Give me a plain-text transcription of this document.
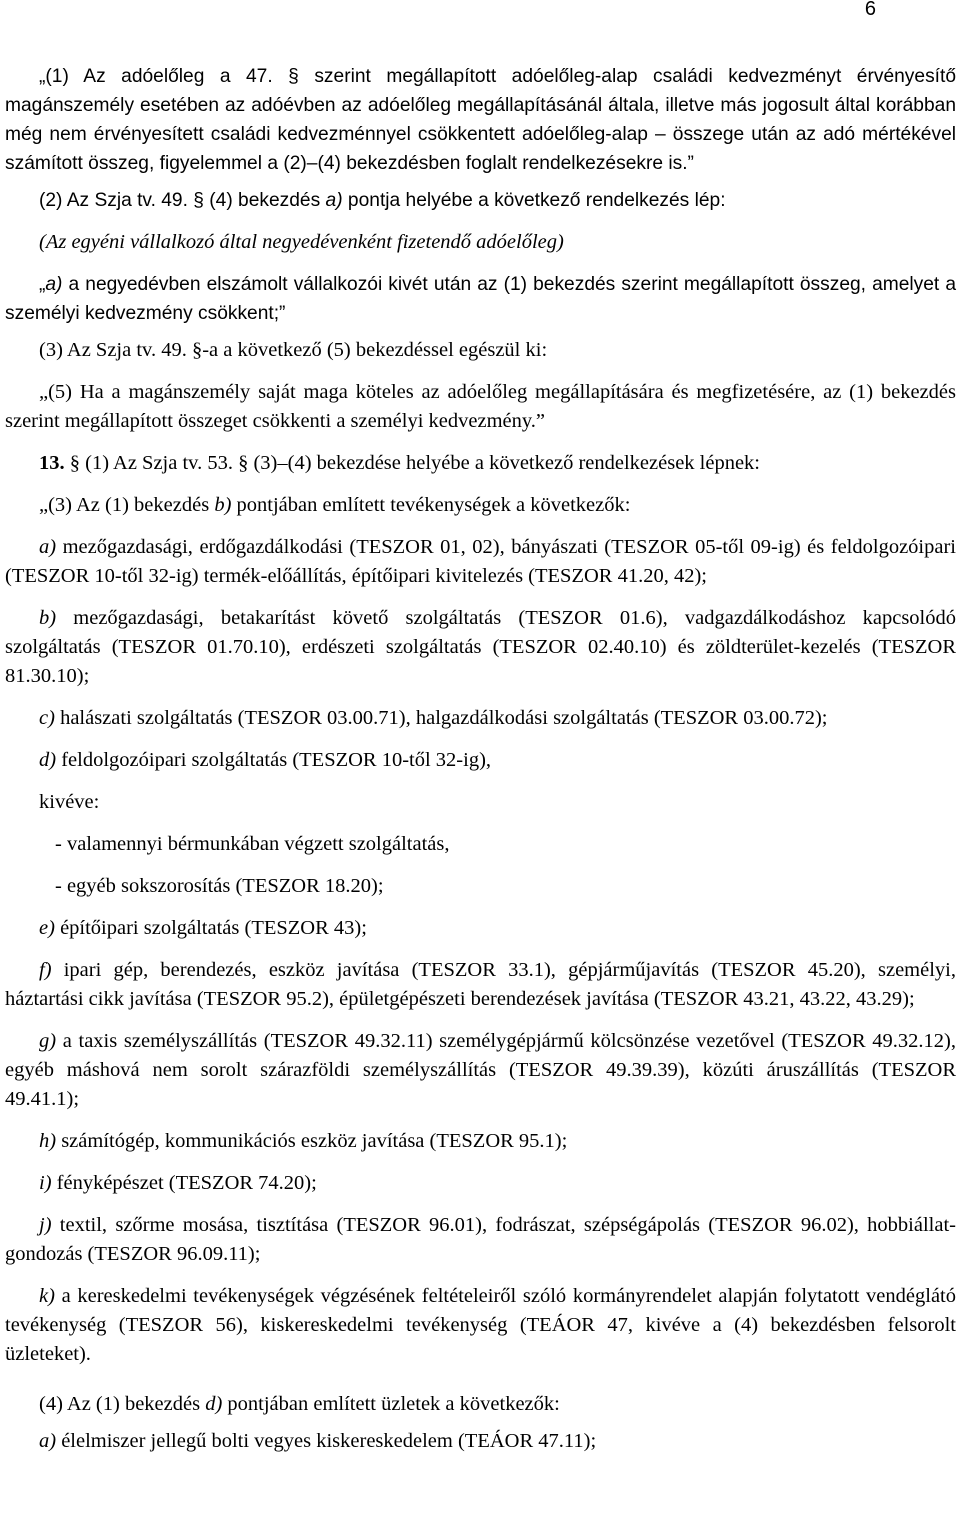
6

„(1) Az adóelőleg a 47. § szerint megállapított adóelőleg-alap családi kedvezményt érvényesítő magánszemély esetében az adóévben az adóelőleg megállapításánál általa, illetve más jogosult által korábban még nem érvényesített családi kedvezménnyel csökkentett adóelőleg-alap – összege után az adó mértékével számított összeg, figyelemmel a (2)–(4) bekezdésben foglalt rendelkezésekre is.”

(2) Az Szja tv. 49. § (4) bekezdés a) pontja helyébe a következő rendelkezés lép:

(Az egyéni vállalkozó által negyedévenként fizetendő adóelőleg)

„a) a negyedévben elszámolt vállalkozói kivét után az (1) bekezdés szerint megállapított összeg, amelyet a személyi kedvezmény csökkent;”

(3) Az Szja tv. 49. §-a a következő (5) bekezdéssel egészül ki:

„(5) Ha a magánszemély saját maga köteles az adóelőleg megállapítására és megfizetésére, az (1) bekezdés szerint megállapított összeget csökkenti a személyi kedvezmény.”

13. § (1) Az Szja tv. 53. § (3)–(4) bekezdése helyébe a következő rendelkezések lépnek:

„(3) Az (1) bekezdés b) pontjában említett tevékenységek a következők:

a) mezőgazdasági, erdőgazdálkodási (TESZOR 01, 02), bányászati (TESZOR 05-től 09-ig) és feldolgozóipari (TESZOR 10-től 32-ig) termék-előállítás, építőipari kivitelezés (TESZOR 41.20, 42);

b) mezőgazdasági, betakarítást követő szolgáltatás (TESZOR 01.6), vadgazdálkodáshoz kapcsolódó szolgáltatás (TESZOR 01.70.10), erdészeti szolgáltatás (TESZOR 02.40.10) és zöldterület-kezelés (TESZOR 81.30.10);

c) halászati szolgáltatás (TESZOR 03.00.71), halgazdálkodási szolgáltatás (TESZOR 03.00.72);

d) feldolgozóipari szolgáltatás (TESZOR 10-től 32-ig),

kivéve:

- valamennyi bérmunkában végzett szolgáltatás,

- egyéb sokszorosítás (TESZOR 18.20);

e) építőipari szolgáltatás (TESZOR 43);

f) ipari gép, berendezés, eszköz javítása (TESZOR 33.1), gépjárműjavítás (TESZOR 45.20), személyi, háztartási cikk javítása (TESZOR 95.2), épületgépészeti berendezések javítása (TESZOR 43.21, 43.22, 43.29);

g) a taxis személyszállítás (TESZOR 49.32.11) személygépjármű kölcsönzése vezetővel (TESZOR 49.32.12), egyéb máshová nem sorolt szárazföldi személyszállítás (TESZOR 49.39.39), közúti áruszállítás (TESZOR 49.41.1);

h) számítógép, kommunikációs eszköz javítása (TESZOR 95.1);

i) fényképészet (TESZOR 74.20);

j) textil, szőrme mosása, tisztítása (TESZOR 96.01), fodrászat, szépségápolás (TESZOR 96.02), hobbiállat-gondozás (TESZOR 96.09.11);

k) a kereskedelmi tevékenységek végzésének feltételeiről szóló kormányrendelet alapján folytatott vendéglátó tevékenység (TESZOR 56), kiskereskedelmi tevékenység (TEÁOR 47, kivéve a (4) bekezdésben felsorolt üzleteket).

(4) Az (1) bekezdés d) pontjában említett üzletek a következők:

a) élelmiszer jellegű bolti vegyes kiskereskedelem (TEÁOR 47.11);
